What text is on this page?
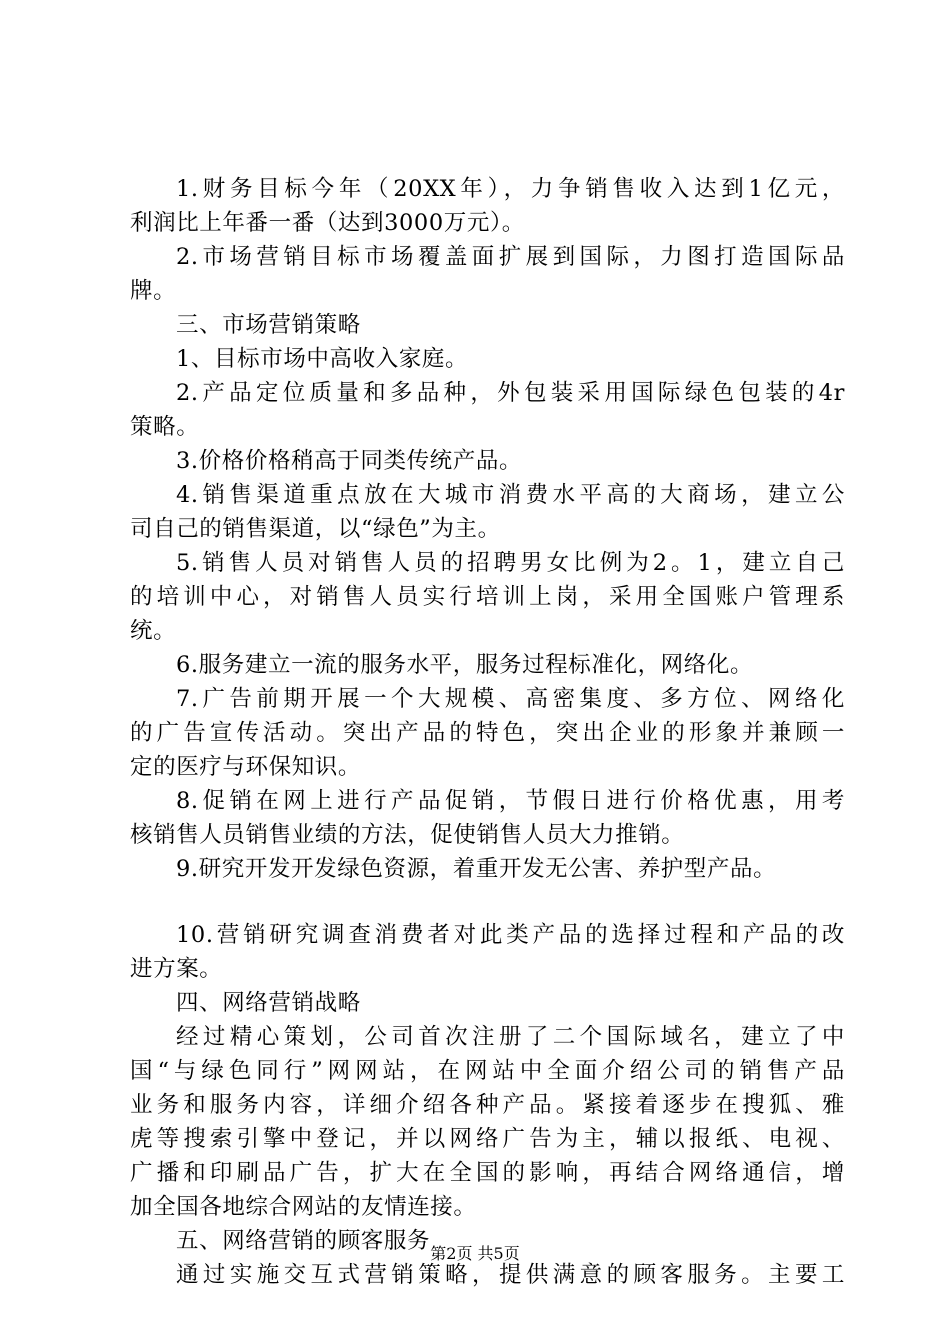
1.财务目标今年（20XX年），力争销售收入达到1亿元，
利润比上年番一番（达到3000万元）。
2.市场营销目标市场覆盖面扩展到国际，力图打造国际品
牌。
三、市场营销策略
1、目标市场中高收入家庭。
2.产品定位质量和多品种，外包装采用国际绿色包装的4r
策略。
3.价格价格稍高于同类传统产品。
4.销售渠道重点放在大城市消费水平高的大商场，建立公
司自己的销售渠道，以“绿色”为主。
5.销售人员对销售人员的招聘男女比例为2。1，建立自己
的培训中心，对销售人员实行培训上岗，采用全国账户管理系
统。
6.服务建立一流的服务水平，服务过程标准化，网络化。
7.广告前期开展一个大规模、高密集度、多方位、网络化
的广告宣传活动。突出产品的特色，突出企业的形象并兼顾一
定的医疗与环保知识。
8.促销在网上进行产品促销，节假日进行价格优惠，用考
核销售人员销售业绩的方法，促使销售人员大力推销。
9.研究开发开发绿色资源，着重开发无公害、养护型产品。
10.营销研究调查消费者对此类产品的选择过程和产品的改
进方案。
四、网络营销战略
经过精心策划，公司首次注册了二个国际域名，建立了中
国“与绿色同行”网网站，在网站中全面介绍公司的销售产品
业务和服务内容，详细介绍各种产品。紧接着逐步在搜狐、雅
虎等搜索引擎中登记，并以网络广告为主，辅以报纸、电视、
广播和印刷品广告，扩大在全国的影响，再结合网络通信，增
加全国各地综合网站的友情连接。
五、网络营销的顾客服务
通过实施交互式营销策略，提供满意的顾客服务。主要工
第2页 共5页
